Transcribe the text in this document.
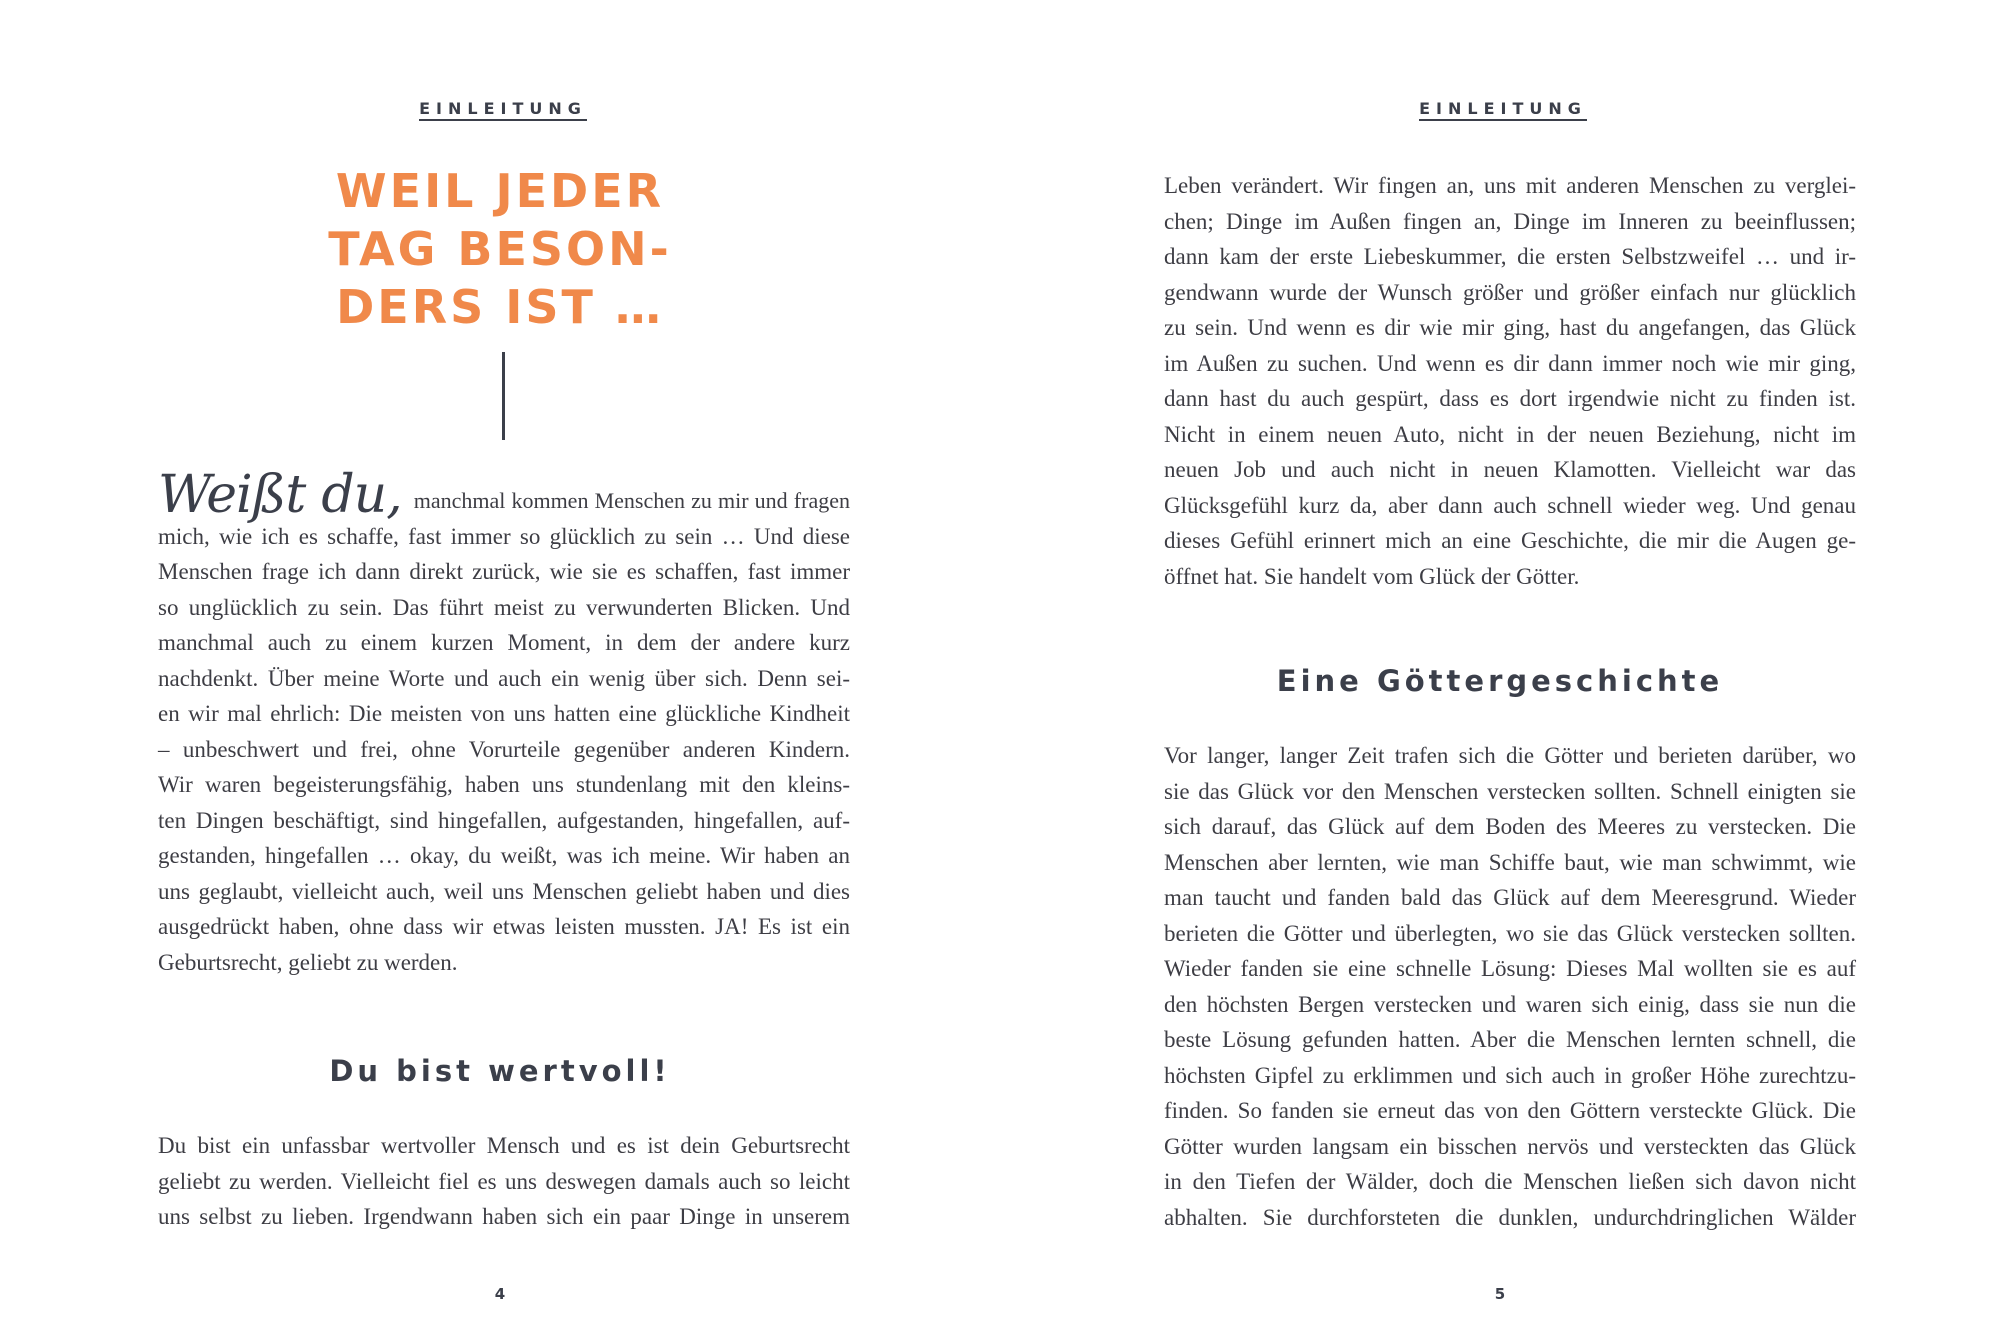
EINLEITUNG
WEIL JEDER
TAG BESON-
DERS IST …
Weißt du, manchmal kommen Menschen zu mir und fragen
mich, wie ich es schaffe, fast immer so glücklich zu sein … Und diese
Menschen frage ich dann direkt zurück, wie sie es schaffen, fast immer
so unglücklich zu sein. Das führt meist zu verwunderten Blicken. Und
manchmal auch zu einem kurzen Moment, in dem der andere kurz
nachdenkt. Über meine Worte und auch ein wenig über sich. Denn sei-
en wir mal ehrlich: Die meisten von uns hatten eine glückliche Kindheit
– unbeschwert und frei, ohne Vorurteile gegenüber anderen Kindern.
Wir waren begeisterungsfähig, haben uns stundenlang mit den kleins-
ten Dingen beschäftigt, sind hingefallen, aufgestanden, hingefallen, auf-
gestanden, hingefallen … okay, du weißt, was ich meine. Wir haben an
uns geglaubt, vielleicht auch, weil uns Menschen geliebt haben und dies
ausgedrückt haben, ohne dass wir etwas leisten mussten. JA! Es ist ein
Geburtsrecht, geliebt zu werden.
Du bist wertvoll!
Du bist ein unfassbar wertvoller Mensch und es ist dein Geburtsrecht
geliebt zu werden. Vielleicht fiel es uns deswegen damals auch so leicht
uns selbst zu lieben. Irgendwann haben sich ein paar Dinge in unserem
4
EINLEITUNG
Leben verändert. Wir fingen an, uns mit anderen Menschen zu verglei-
chen; Dinge im Außen fingen an, Dinge im Inneren zu beeinflussen;
dann kam der erste Liebeskummer, die ersten Selbstzweifel … und ir-
gendwann wurde der Wunsch größer und größer einfach nur glücklich
zu sein. Und wenn es dir wie mir ging, hast du angefangen, das Glück
im Außen zu suchen. Und wenn es dir dann immer noch wie mir ging,
dann hast du auch gespürt, dass es dort irgendwie nicht zu finden ist.
Nicht in einem neuen Auto, nicht in der neuen Beziehung, nicht im
neuen Job und auch nicht in neuen Klamotten. Vielleicht war das
Glücksgefühl kurz da, aber dann auch schnell wieder weg. Und genau
dieses Gefühl erinnert mich an eine Geschichte, die mir die Augen ge-
öffnet hat. Sie handelt vom Glück der Götter.
Eine Göttergeschichte
Vor langer, langer Zeit trafen sich die Götter und berieten darüber, wo
sie das Glück vor den Menschen verstecken sollten. Schnell einigten sie
sich darauf, das Glück auf dem Boden des Meeres zu verstecken. Die
Menschen aber lernten, wie man Schiffe baut, wie man schwimmt, wie
man taucht und fanden bald das Glück auf dem Meeresgrund. Wieder
berieten die Götter und überlegten, wo sie das Glück verstecken sollten.
Wieder fanden sie eine schnelle Lösung: Dieses Mal wollten sie es auf
den höchsten Bergen verstecken und waren sich einig, dass sie nun die
beste Lösung gefunden hatten. Aber die Menschen lernten schnell, die
höchsten Gipfel zu erklimmen und sich auch in großer Höhe zurechtzu-
finden. So fanden sie erneut das von den Göttern versteckte Glück. Die
Götter wurden langsam ein bisschen nervös und versteckten das Glück
in den Tiefen der Wälder, doch die Menschen ließen sich davon nicht
abhalten. Sie durchforsteten die dunklen, undurchdringlichen Wälder
5
